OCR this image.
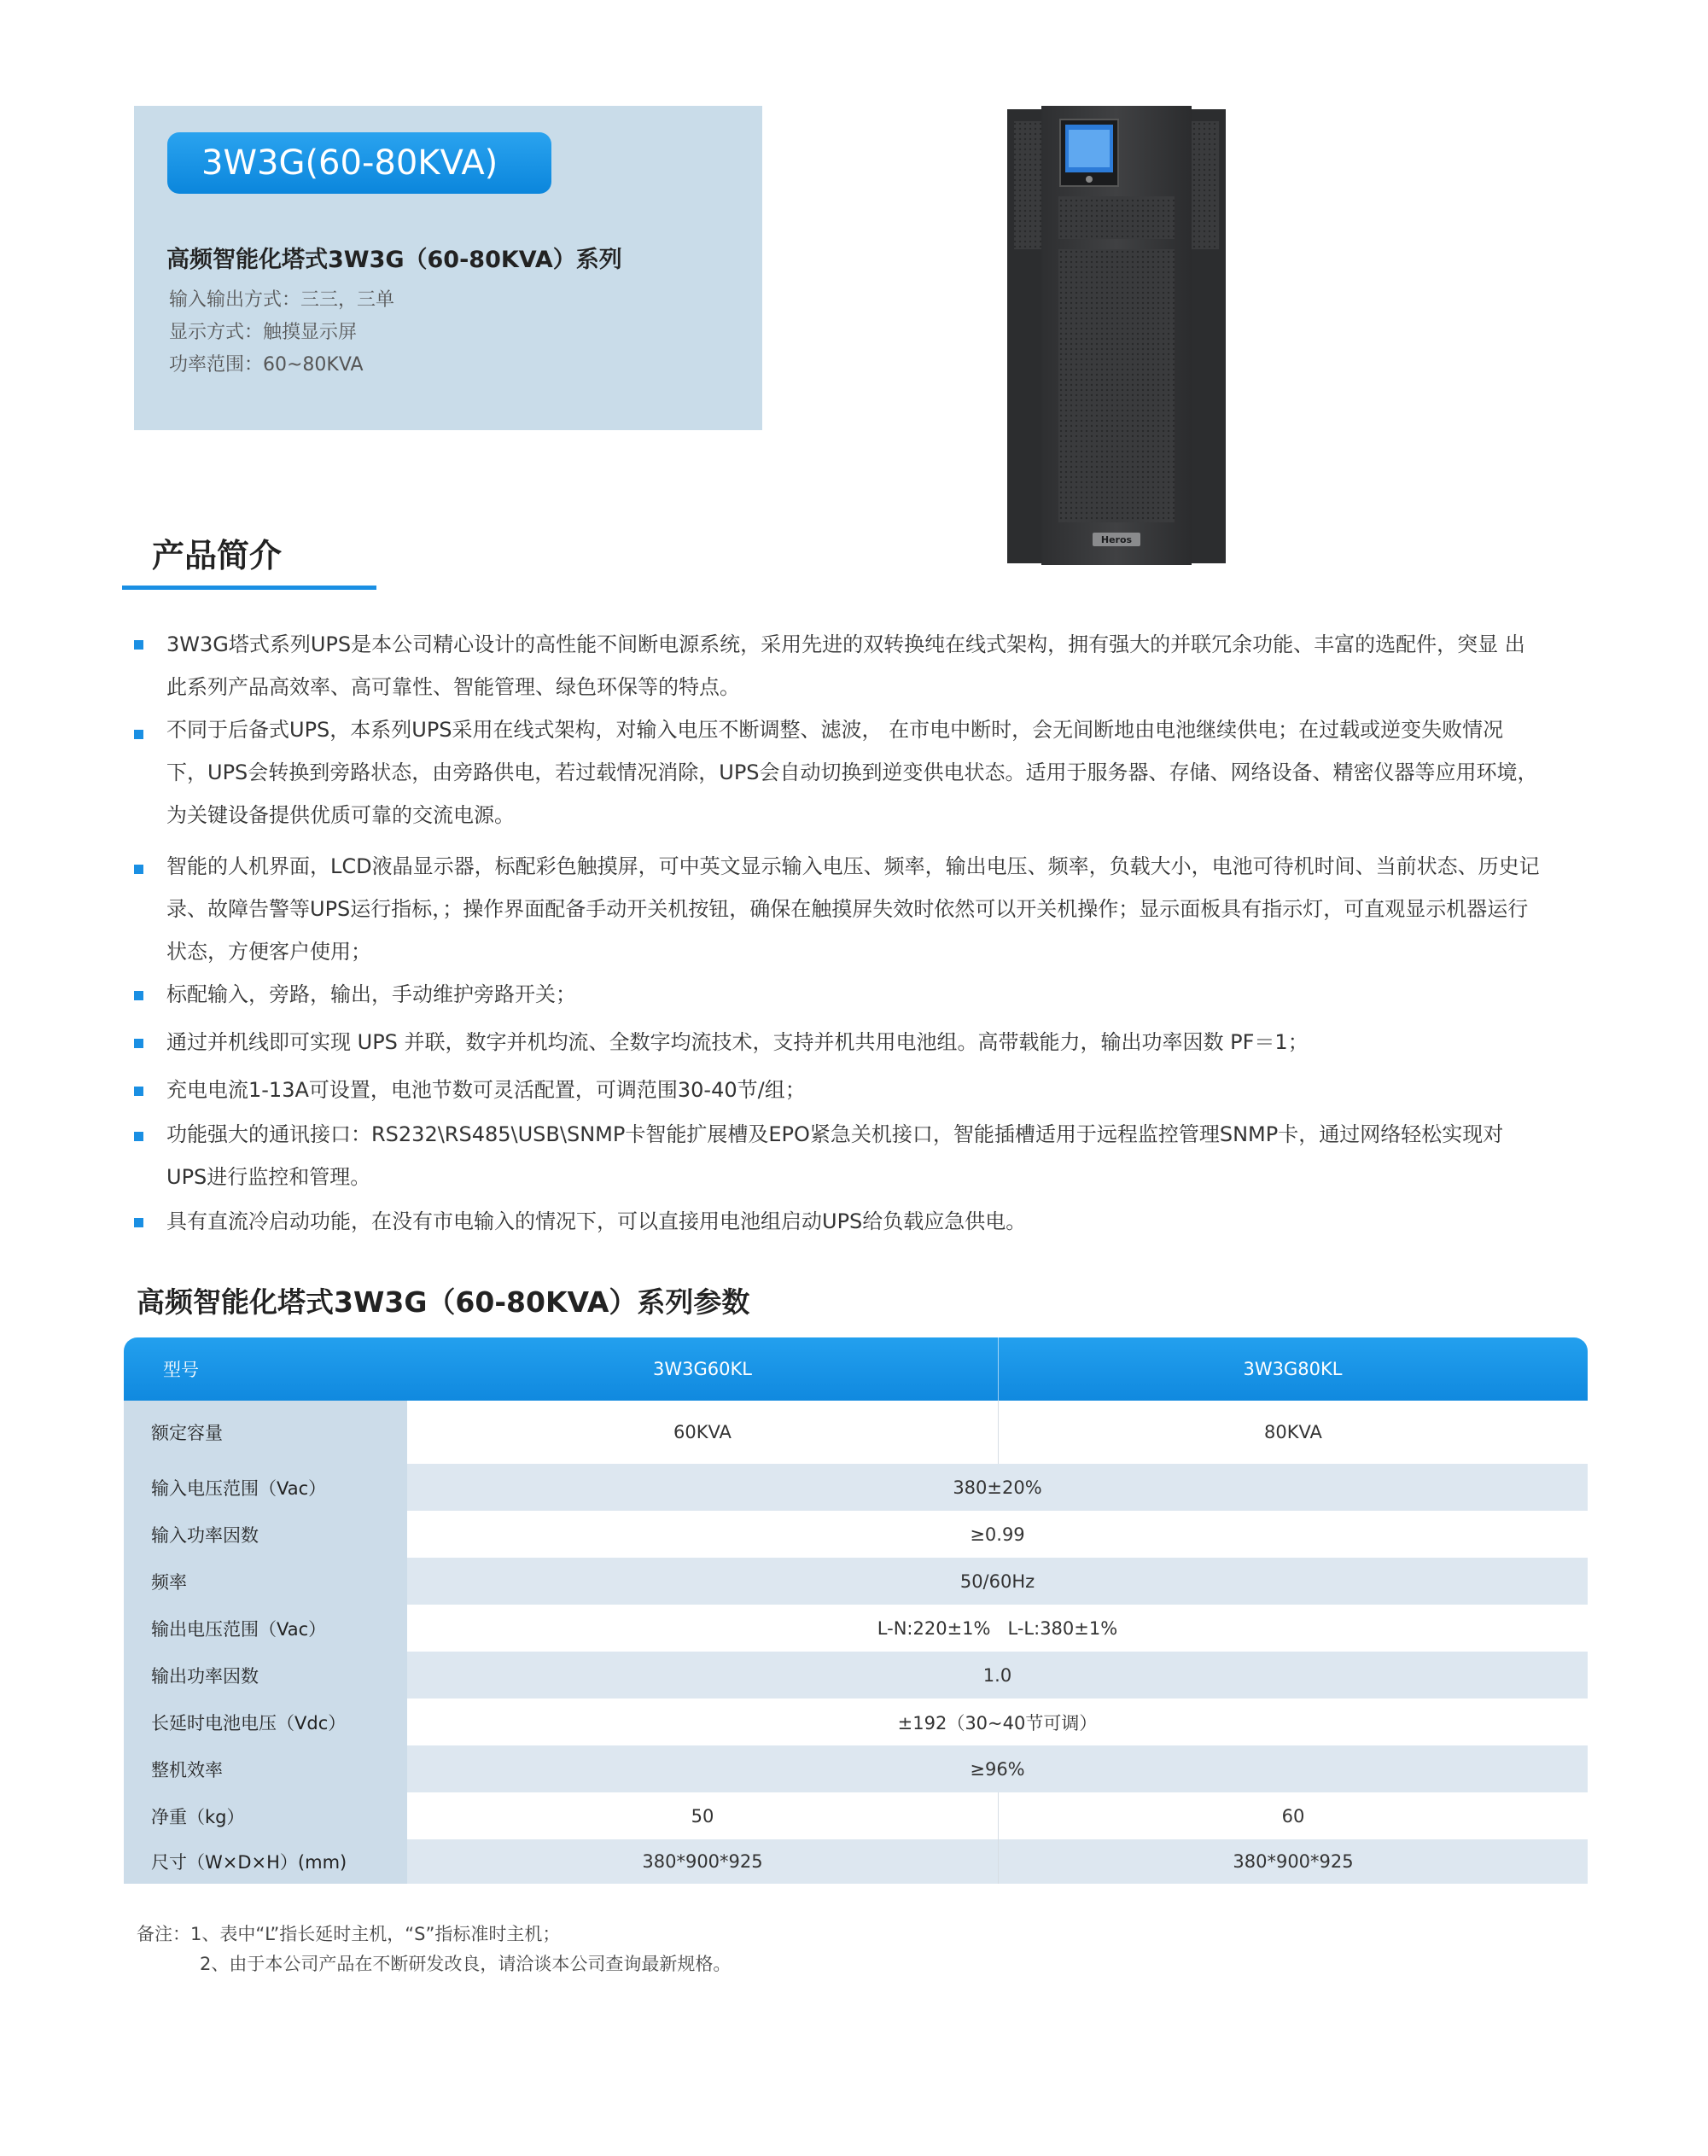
3W3G(60-80KVA)
高频智能化塔式3W3G（60-80KVA）系列
输入输出方式：三三，三单
显示方式：触摸显示屏
功率范围：60~80KVA
Heros
产品简介
3W3G塔式系列UPS是本公司精心设计的高性能不间断电源系统，采用先进的双转换纯在线式架构，拥有强大的并联冗余功能、丰富的选配件，突显 出此系列产品高效率、高可靠性、智能管理、绿色环保等的特点。
不同于后备式UPS，本系列UPS采用在线式架构，对输入电压不断调整、滤波， 在市电中断时，会无间断地由电池继续供电；在过载或逆变失败情况下，UPS会转换到旁路状态，由旁路供电，若过载情况消除，UPS会自动切换到逆变供电状态。适用于服务器、存储、网络设备、精密仪器等应用环境，为关键设备提供优质可靠的交流电源。
智能的人机界面，LCD液晶显示器，标配彩色触摸屏，可中英文显示输入电压、频率，输出电压、频率，负载大小，电池可待机时间、当前状态、历史记录、故障告警等UPS运行指标，；操作界面配备手动开关机按钮，确保在触摸屏失效时依然可以开关机操作；显示面板具有指示灯，可直观显示机器运行状态，方便客户使用；
标配输入，旁路，输出，手动维护旁路开关；
通过并机线即可实现 UPS 并联，数字并机均流、全数字均流技术，支持并机共用电池组。高带载能力，输出功率因数 PF＝1；
充电电流1-13A可设置，电池节数可灵活配置，可调范围30-40节/组；
功能强大的通讯接口：RS232\RS485\USB\SNMP卡智能扩展槽及EPO紧急关机接口，智能插槽适用于远程监控管理SNMP卡，通过网络轻松实现对UPS进行监控和管理。
具有直流冷启动功能，在没有市电输入的情况下，可以直接用电池组启动UPS给负载应急供电。
高频智能化塔式3W3G（60-80KVA）系列参数
型号	3W3G60KL	3W3G80KL
额定容量	60KVA	80KVA
输入电压范围（Vac）	380±20%
输入功率因数	≥0.99
频率	50/60Hz
输出电压范围（Vac）	L-N:220±1%   L-L:380±1%
输出功率因数	1.0
长延时电池电压（Vdc）	±192（30~40节可调）
整机效率	≥96%
净重（kg）	50	60
尺寸（W×D×H）(mm)	380*900*925	380*900*925
备注：1、表中“L”指长延时主机，“S”指标准时主机；
2、由于本公司产品在不断研发改良，请洽谈本公司查询最新规格。
